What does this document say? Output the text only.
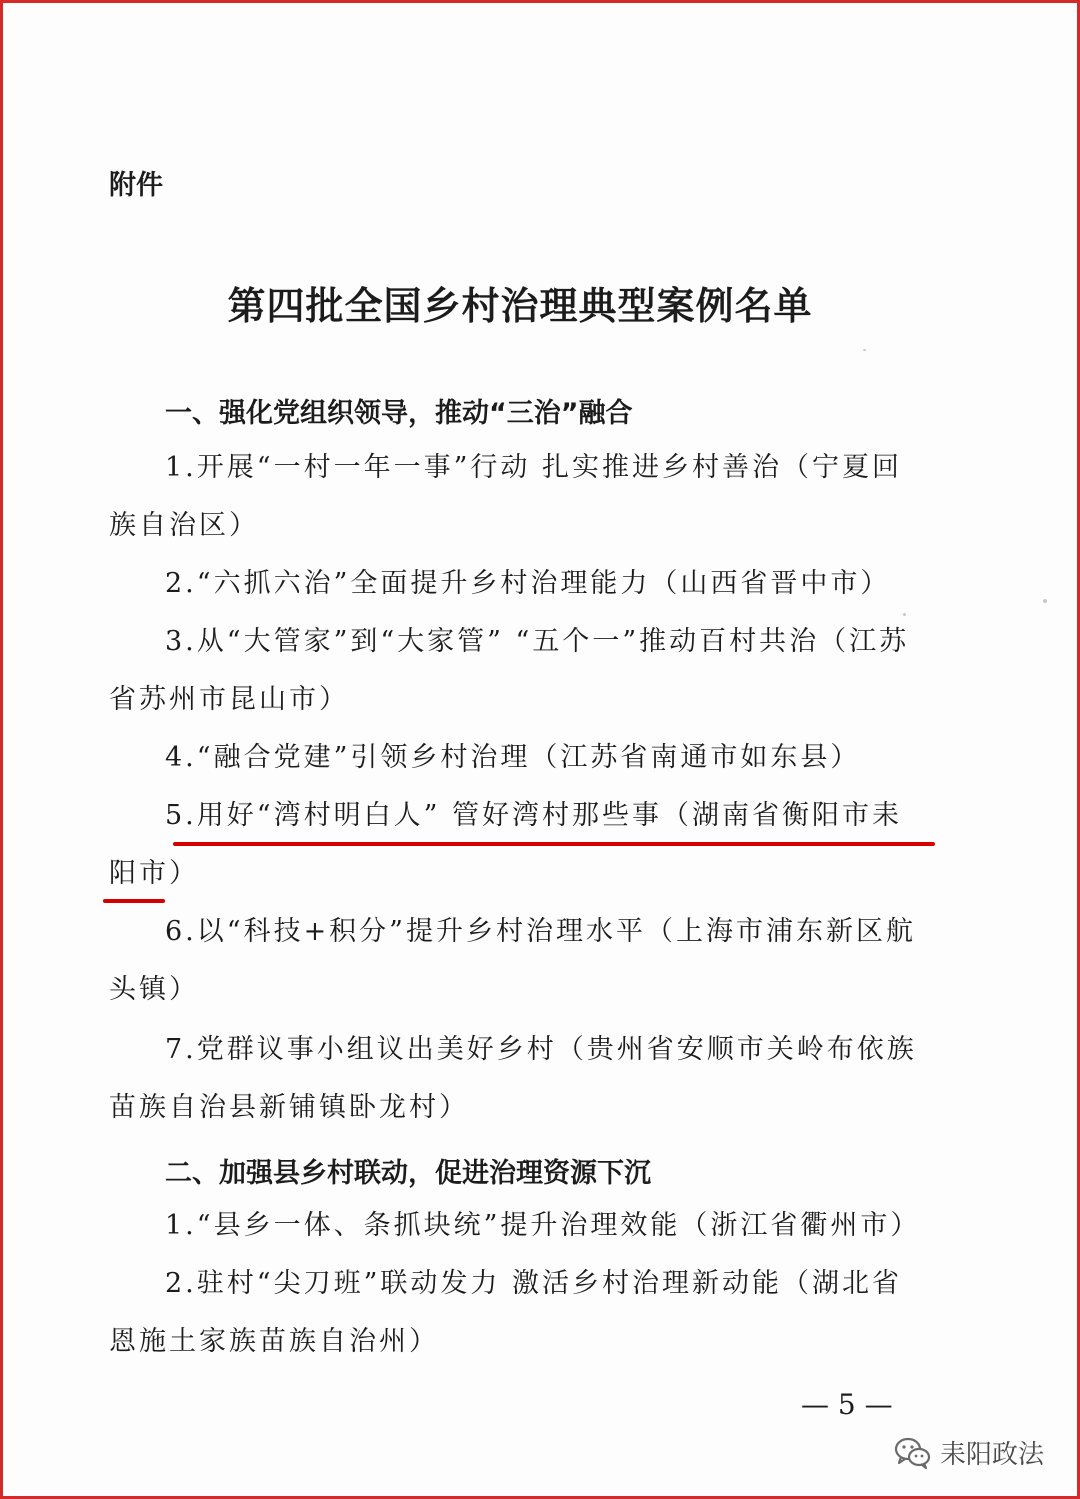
附件
第四批全国乡村治理典型案例名单
一、强化党组织领导，推动“三治”融合
1.开展“一村一年一事”行动 扎实推进乡村善治（宁夏回族自治区）
2.“六抓六治”全面提升乡村治理能力（山西省晋中市）
3.从“大管家”到“大家管” “五个一”推动百村共治（江苏省苏州市昆山市）
4.“融合党建”引领乡村治理（江苏省南通市如东县）
5.用好“湾村明白人” 管好湾村那些事（湖南省衡阳市耒阳市）
6.以“科技+积分”提升乡村治理水平（上海市浦东新区航头镇）
7.党群议事小组议出美好乡村（贵州省安顺市关岭布依族苗族自治县新铺镇卧龙村）
二、加强县乡村联动，促进治理资源下沉
1.“县乡一体、条抓块统”提升治理效能（浙江省衢州市）
2.驻村“尖刀班”联动发力 激活乡村治理新动能（湖北省恩施土家族苗族自治州）
— 5 —
耒阳政法
